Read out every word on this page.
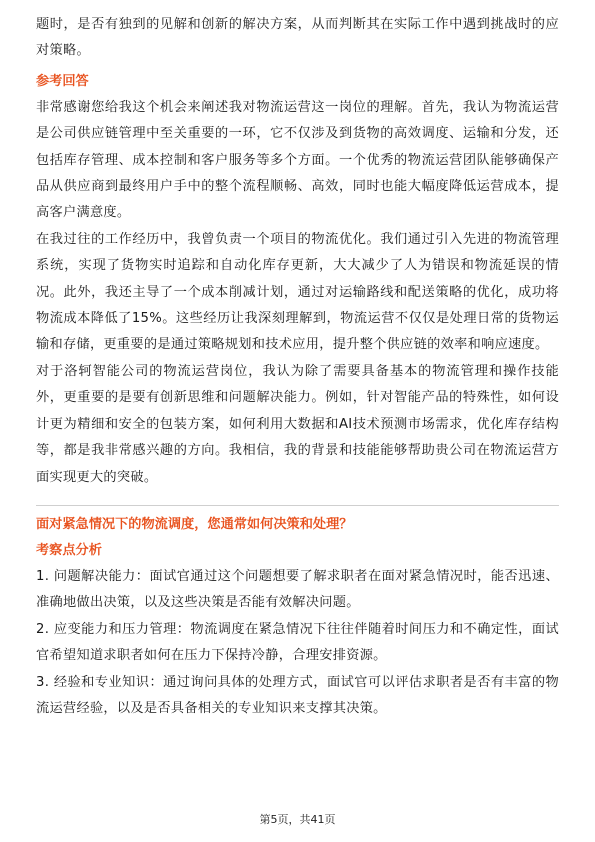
题时，是否有独到的见解和创新的解决方案，从而判断其在实际工作中遇到挑战时的应对策略。

参考回答

非常感谢您给我这个机会来阐述我对物流运营这一岗位的理解。首先，我认为物流运营是公司供应链管理中至关重要的一环，它不仅涉及到货物的高效调度、运输和分发，还包括库存管理、成本控制和客户服务等多个方面。一个优秀的物流运营团队能够确保产品从供应商到最终用户手中的整个流程顺畅、高效，同时也能大幅度降低运营成本，提高客户满意度。

在我过往的工作经历中，我曾负责一个项目的物流优化。我们通过引入先进的物流管理系统，实现了货物实时追踪和自动化库存更新，大大减少了人为错误和物流延误的情况。此外，我还主导了一个成本削减计划，通过对运输路线和配送策略的优化，成功将物流成本降低了15%。这些经历让我深刻理解到，物流运营不仅仅是处理日常的货物运输和存储，更重要的是通过策略规划和技术应用，提升整个供应链的效率和响应速度。

对于洛轲智能公司的物流运营岗位，我认为除了需要具备基本的物流管理和操作技能外，更重要的是要有创新思维和问题解决能力。例如，针对智能产品的特殊性，如何设计更为精细和安全的包装方案，如何利用大数据和AI技术预测市场需求，优化库存结构等，都是我非常感兴趣的方向。我相信，我的背景和技能能够帮助贵公司在物流运营方面实现更大的突破。

面对紧急情况下的物流调度，您通常如何决策和处理？
考察点分析

1. 问题解决能力：面试官通过这个问题想要了解求职者在面对紧急情况时，能否迅速、准确地做出决策，以及这些决策是否能有效解决问题。

2. 应变能力和压力管理：物流调度在紧急情况下往往伴随着时间压力和不确定性，面试官希望知道求职者如何在压力下保持冷静，合理安排资源。

3. 经验和专业知识：通过询问具体的处理方式，面试官可以评估求职者是否有丰富的物流运营经验，以及是否具备相关的专业知识来支撑其决策。

第5页，共41页
